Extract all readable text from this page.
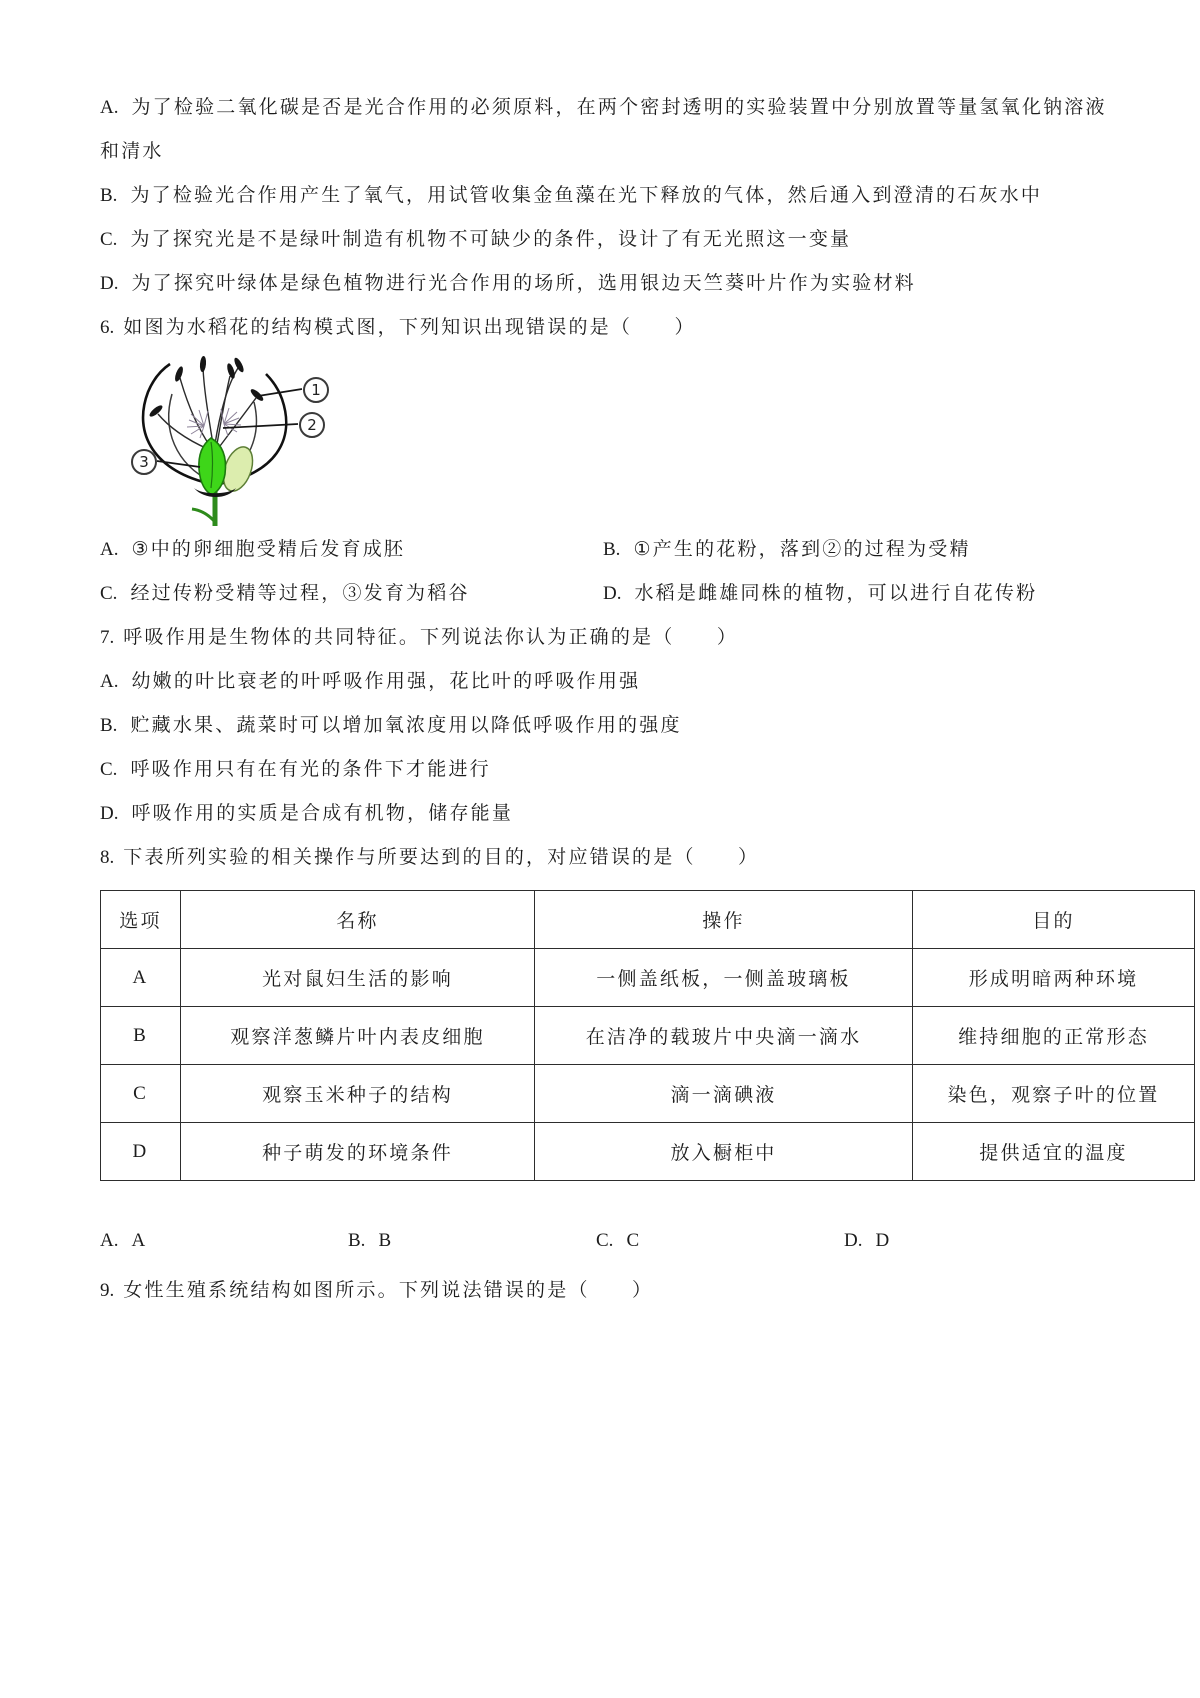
A. 为了检验二氧化碳是否是光合作用的必须原料，在两个密封透明的实验装置中分别放置等量氢氧化钠溶液和清水

B. 为了检验光合作用产生了氧气，用试管收集金鱼藻在光下释放的气体，然后通入到澄清的石灰水中

C. 为了探究光是不是绿叶制造有机物不可缺少的条件，设计了有无光照这一变量

D. 为了探究叶绿体是绿色植物进行光合作用的场所，选用银边天竺葵叶片作为实验材料

6. 如图为水稻花的结构模式图，下列知识出现错误的是（　　）

1
2
3

A. ③中的卵细胞受精后发育成胚	B. ①产生的花粉，落到②的过程为受精

C. 经过传粉受精等过程，③发育为稻谷	D. 水稻是雌雄同株的植物，可以进行自花传粉

7. 呼吸作用是生物体的共同特征。下列说法你认为正确的是（　　）

A. 幼嫩的叶比衰老的叶呼吸作用强，花比叶的呼吸作用强

B. 贮藏水果、蔬菜时可以增加氧浓度用以降低呼吸作用的强度

C. 呼吸作用只有在有光的条件下才能进行

D. 呼吸作用的实质是合成有机物，储存能量

8. 下表所列实验的相关操作与所要达到的目的，对应错误的是（　　）

选项	名称	操作	目的
A	光对鼠妇生活的影响	一侧盖纸板，一侧盖玻璃板	形成明暗两种环境
B	观察洋葱鳞片叶内表皮细胞	在洁净的载玻片中央滴一滴水	维持细胞的正常形态
C	观察玉米种子的结构	滴一滴碘液	染色，观察子叶的位置
D	种子萌发的环境条件	放入橱柜中	提供适宜的温度

A. A	B. B	C. C	D. D

9. 女性生殖系统结构如图所示。下列说法错误的是（　　）
